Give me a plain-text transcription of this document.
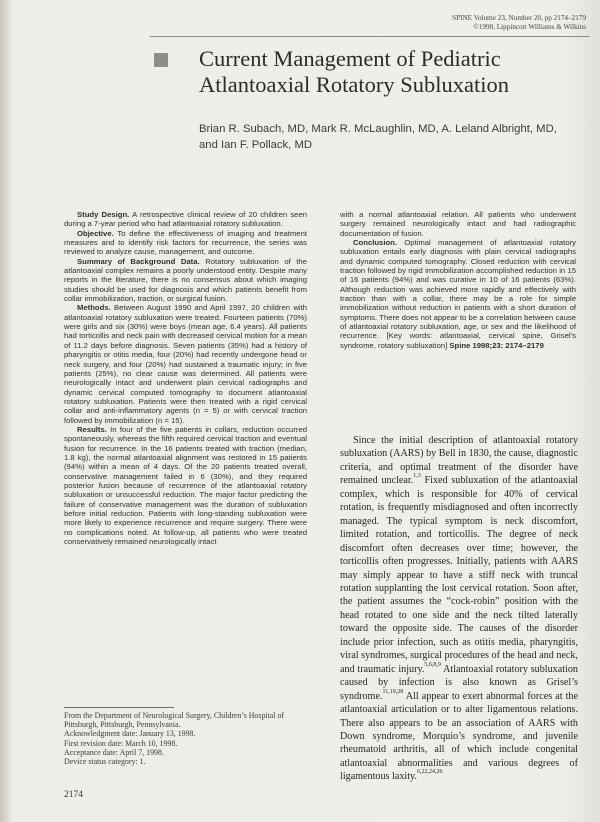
SPINE Volume 23, Number 20, pp 2174–2179
©1998, Lippincott Williams & Wilkins
Current Management of Pediatric
Atlantoaxial Rotatory Subluxation
Brian R. Subach, MD, Mark R. McLaughlin, MD, A. Leland Albright, MD,
and Ian F. Pollack, MD

Study Design. A retrospective clinical review of 20 children seen during a 7-year period who had atlantoaxial rotatory subluxation.

Objective. To define the effectiveness of imaging and treatment measures and to identify risk factors for recurrence, the series was reviewed to analyze cause, management, and outcome.

Summary of Background Data. Rotatory subluxation of the atlantoaxial complex remains a poorly understood entity. Despite many reports in the literature, there is no consensus about which imaging studies should be used for diagnosis and which patients benefit from collar immobilization, traction, or surgical fusion.

Methods. Between August 1990 and April 1997, 20 children with atlantoaxial rotatory subluxation were treated. Fourteen patients (70%) were girls and six (30%) were boys (mean age, 6.4 years). All patients had torticollis and neck pain with decreased cervical motion for a mean of 11.2 days before diagnosis. Seven patients (35%) had a history of pharyngitis or otitis media, four (20%) had recently undergone head or neck surgery, and four (20%) had sustained a traumatic injury; in five patients (25%), no clear cause was determined. All patients were neurologically intact and underwent plain cervical radiographs and dynamic cervical computed tomography to document atlantoaxial rotatory subluxation. Patients were then treated with a rigid cervical collar and anti-inflammatory agents (n = 5) or with cervical traction followed by immobilization (n = 15).

Results. In four of the five patients in collars, reduction occurred spontaneously, whereas the fifth required cervical traction and eventual fusion for recurrence. In the 16 patients treated with traction (median, 1.8 kg), the normal atlantoaxial alignment was restored in 15 patients (94%) within a mean of 4 days. Of the 20 patients treated overall, conservative management failed in 6 (30%), and they required posterior fusion because of recurrence of the atlantoaxial rotatory subluxation or unsuccessful reduction. The major factor predicting the failure of conservative management was the duration of subluxation before initial reduction. Patients with long-standing subluxation were more likely to experience recurrence and require surgery. There were no complications noted. At follow-up, all patients who were treated conservatively remained neurologically intact

with a normal atlantoaxial relation. All patients who underwent surgery remained neurologically intact and had radiographic documentation of fusion.

Conclusion. Optimal management of atlantoaxial rotatory subluxation entails early diagnosis with plain cervical radiographs and dynamic computed tomography. Closed reduction with cervical traction followed by rigid immobilization accomplished reduction in 15 of 16 patients (94%) and was curative in 10 of 16 patients (63%). Although reduction was achieved more rapidly and effectively with traction than with a collar, there may be a role for simple immobilization without reduction in patients with a short duration of symptoms. There does not appear to be a correlation between cause of atlantoaxial rotatory subluxation, age, or sex and the likelihood of recurrence. [Key words: atlantoaxial, cervical spine, Grisel’s syndrome, rotatory subluxation] Spine 1998;23: 2174–2179

Since the initial description of atlantoaxial rotatory subluxation (AARS) by Bell in 1830, the cause, diagnostic criteria, and optimal treatment of the disorder have remained unclear.$^{1,3}$ Fixed subluxation of the atlantoaxial complex, which is responsible for 40% of cervical rotation, is frequently misdiagnosed and often incorrectly managed. The typical symptom is neck discomfort, limited rotation, and torticollis. The degree of neck discomfort often decreases over time; however, the torticollis often progresses. Initially, patients with AARS may simply appear to have a stiff neck with truncal rotation supplanting the lost cervical rotation. Soon after, the patient assumes the “cock-robin” position with the head rotated to one side and the neck tilted laterally toward the opposite side. The causes of the disorder include prior infection, such as otitis media, pharyngitis, viral syndromes, surgical procedures of the head and neck, and traumatic injury.$^{5,6,8,9}$ Atlantoaxial rotatory subluxation caused by infection is also known as Grisel’s syndrome.$^{11,19,28}$ All appear to exert abnormal forces at the atlantoaxial articulation or to alter ligamentous relations. There also appears to be an association of AARS with Down syndrome, Morquio’s syndrome, and juvenile rheumatoid arthritis, all of which include congenital atlantoaxial abnormalities and various degrees of ligamentous laxity.$^{6,22,24,26}$

From the Department of Neurological Surgery, Children’s Hospital of Pittsburgh, Pittsburgh, Pennsylvania.
Acknowledgment date: January 13, 1998.
First revision date: March 10, 1998.
Acceptance date: April 7, 1998.
Device status category: 1.
2174
